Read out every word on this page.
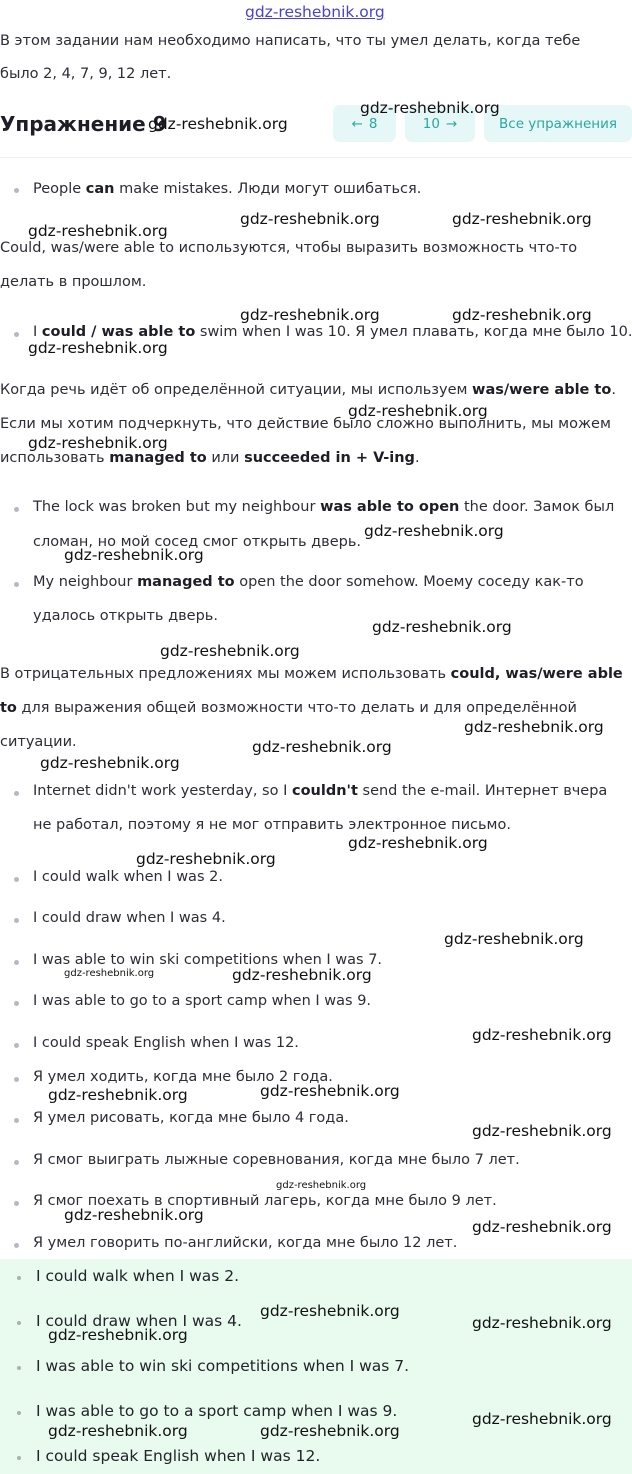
gdz-reshebnik.org
В этом задании нам необходимо написать, что ты умел делать, когда тебе
было 2, 4, 7, 9, 12 лет.
Упражнение 9	← 8	10 →	Все упражнения
People can make mistakes. Люди могут ошибаться.
Could, was/were able to используются, чтобы выразить возможность что-то
делать в прошлом.
I could / was able to swim when I was 10. Я умел плавать, когда мне было 10.
Когда речь идёт об определённой ситуации, мы используем was/were able to.
Если мы хотим подчеркнуть, что действие было сложно выполнить, мы можем
использовать managed to или succeeded in + V-ing.
The lock was broken but my neighbour was able to open the door. Замок был
сломан, но мой сосед смог открыть дверь.
My neighbour managed to open the door somehow. Моему соседу как-то
удалось открыть дверь.
В отрицательных предложениях мы можем использовать could, was/were able
to для выражения общей возможности что-то делать и для определённой
ситуации.
Internet didn't work yesterday, so I couldn't send the e-mail. Интернет вчера
не работал, поэтому я не мог отправить электронное письмо.
I could walk when I was 2.
I could draw when I was 4.
I was able to win ski competitions when I was 7.
I was able to go to a sport camp when I was 9.
I could speak English when I was 12.
Я умел ходить, когда мне было 2 года.
Я умел рисовать, когда мне было 4 года.
Я смог выиграть лыжные соревнования, когда мне было 7 лет.
Я смог поехать в спортивный лагерь, когда мне было 9 лет.
Я умел говорить по-английски, когда мне было 12 лет.
I could walk when I was 2.
I could draw when I was 4.
I was able to win ski competitions when I was 7.
I was able to go to a sport camp when I was 9.
I could speak English when I was 12.
gdz-reshebnik.org
gdz-reshebnik.org
gdz-reshebnik.org
gdz-reshebnik.org	gdz-reshebnik.org
gdz-reshebnik.org	gdz-reshebnik.org
gdz-reshebnik.org
gdz-reshebnik.org
gdz-reshebnik.org
gdz-reshebnik.org
gdz-reshebnik.org
gdz-reshebnik.org
gdz-reshebnik.org
gdz-reshebnik.org
gdz-reshebnik.org
gdz-reshebnik.org
gdz-reshebnik.org
gdz-reshebnik.org
gdz-reshebnik.org
gdz-reshebnik.org	gdz-reshebnik.org
gdz-reshebnik.org
gdz-reshebnik.org
gdz-reshebnik.org
gdz-reshebnik.org
gdz-reshebnik.org
gdz-reshebnik.org
gdz-reshebnik.org
gdz-reshebnik.org
gdz-reshebnik.org
gdz-reshebnik.org
gdz-reshebnik.org
gdz-reshebnik.org	gdz-reshebnik.org
